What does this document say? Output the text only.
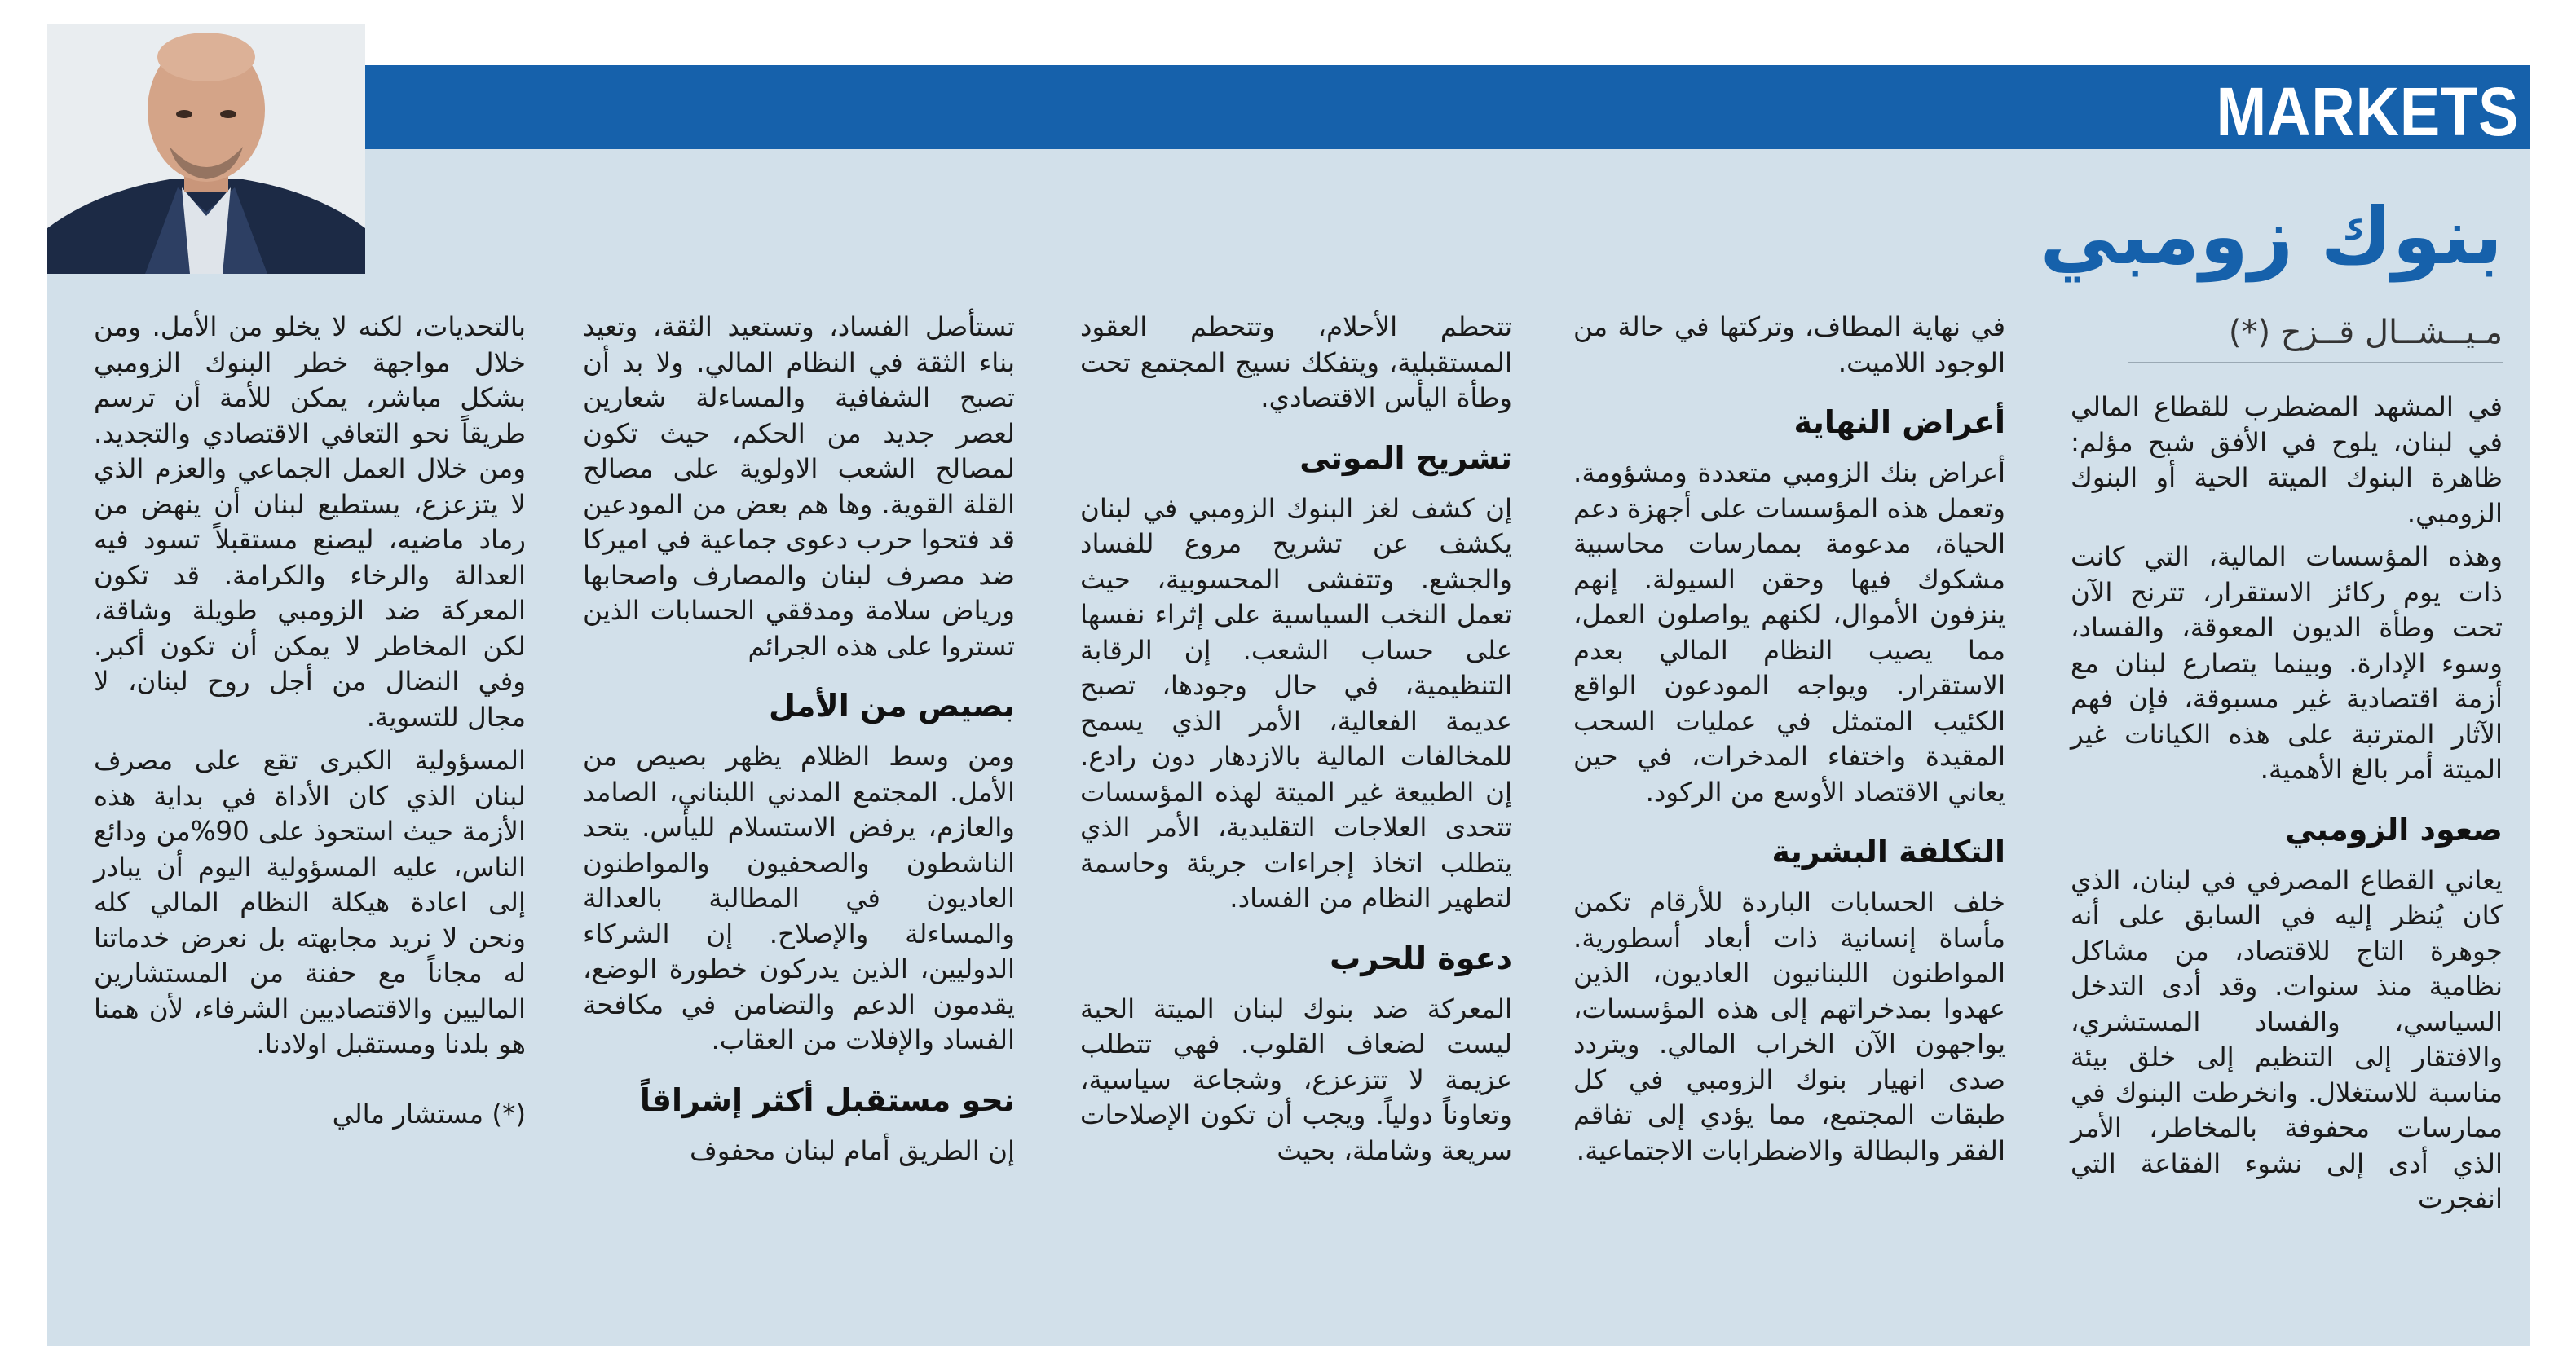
MARKETS
بنوك زومبي
مـيــشــال قــزح (*)

في المشهد المضطرب للقطاع المالي في لبنان، يلوح في الأفق شبح مؤلم: ظاهرة البنوك الميتة الحية أو البنوك الزومبي.

وهذه المؤسسات المالية، التي كانت ذات يوم ركائز الاستقرار، تترنح الآن تحت وطأة الديون المعوقة، والفساد، وسوء الإدارة. وبينما يتصارع لبنان مع أزمة اقتصادية غير مسبوقة، فإن فهم الآثار المترتبة على هذه الكيانات غير الميتة أمر بالغ الأهمية.

صعود الزومبي

يعاني القطاع المصرفي في لبنان، الذي كان يُنظر إليه في السابق على أنه جوهرة التاج للاقتصاد، من مشاكل نظامية منذ سنوات. وقد أدى التدخل السياسي، والفساد المستشري، والافتقار إلى التنظيم إلى خلق بيئة مناسبة للاستغلال. وانخرطت البنوك في ممارسات محفوفة بالمخاطر، الأمر الذي أدى إلى نشوء الفقاعة التي انفجرت

في نهاية المطاف، وتركتها في حالة من الوجود اللاميت.

أعراض النهاية

أعراض بنك الزومبي متعددة ومشؤومة. وتعمل هذه المؤسسات على أجهزة دعم الحياة، مدعومة بممارسات محاسبية مشكوك فيها وحقن السيولة. إنهم ينزفون الأموال، لكنهم يواصلون العمل، مما يصيب النظام المالي بعدم الاستقرار. ويواجه المودعون الواقع الكئيب المتمثل في عمليات السحب المقيدة واختفاء المدخرات، في حين يعاني الاقتصاد الأوسع من الركود.

التكلفة البشرية

خلف الحسابات الباردة للأرقام تكمن مأساة إنسانية ذات أبعاد أسطورية. المواطنون اللبنانيون العاديون، الذين عهدوا بمدخراتهم إلى هذه المؤسسات، يواجهون الآن الخراب المالي. ويتردد صدى انهيار بنوك الزومبي في كل طبقات المجتمع، مما يؤدي إلى تفاقم الفقر والبطالة والاضطرابات الاجتماعية.

تتحطم الأحلام، وتتحطم العقود المستقبلية، ويتفكك نسيج المجتمع تحت وطأة اليأس الاقتصادي.

تشريح الموتى

إن كشف لغز البنوك الزومبي في لبنان يكشف عن تشريح مروع للفساد والجشع. وتتفشى المحسوبية، حيث تعمل النخب السياسية على إثراء نفسها على حساب الشعب. إن الرقابة التنظيمية، في حال وجودها، تصبح عديمة الفعالية، الأمر الذي يسمح للمخالفات المالية بالازدهار دون رادع. إن الطبيعة غير الميتة لهذه المؤسسات تتحدى العلاجات التقليدية، الأمر الذي يتطلب اتخاذ إجراءات جريئة وحاسمة لتطهير النظام من الفساد.

دعوة للحرب

المعركة ضد بنوك لبنان الميتة الحية ليست لضعاف القلوب. فهي تتطلب عزيمة لا تتزعزع، وشجاعة سياسية، وتعاوناً دولياً. ويجب أن تكون الإصلاحات سريعة وشاملة، بحيث

تستأصل الفساد، وتستعيد الثقة، وتعيد بناء الثقة في النظام المالي. ولا بد أن تصبح الشفافية والمساءلة شعارين لعصر جديد من الحكم، حيث تكون لمصالح الشعب الاولوية على مصالح القلة القوية. وها هم بعض من المودعين قد فتحوا حرب دعوى جماعية في اميركا ضد مصرف لبنان والمصارف واصحابها ورياض سلامة ومدققي الحسابات الذين تستروا على هذه الجرائم

بصيص من الأمل

ومن وسط الظلام يظهر بصيص من الأمل. المجتمع المدني اللبناني، الصامد والعازم، يرفض الاستسلام لليأس. يتحد الناشطون والصحفيون والمواطنون العاديون في المطالبة بالعدالة والمساءلة والإصلاح. إن الشركاء الدوليين، الذين يدركون خطورة الوضع، يقدمون الدعم والتضامن في مكافحة الفساد والإفلات من العقاب.

نحو مستقبل أكثر إشراقاً

إن الطريق أمام لبنان محفوف

بالتحديات، لكنه لا يخلو من الأمل. ومن خلال مواجهة خطر البنوك الزومبي بشكل مباشر، يمكن للأمة أن ترسم طريقاً نحو التعافي الاقتصادي والتجديد. ومن خلال العمل الجماعي والعزم الذي لا يتزعزع، يستطيع لبنان أن ينهض من رماد ماضيه، ليصنع مستقبلاً تسود فيه العدالة والرخاء والكرامة. قد تكون المعركة ضد الزومبي طويلة وشاقة، لكن المخاطر لا يمكن أن تكون أكبر. وفي النضال من أجل روح لبنان، لا مجال للتسوية.

المسؤولية الكبرى تقع على مصرف لبنان الذي كان الأداة في بداية هذه الأزمة حيث استحوذ على 90%من ودائع الناس، عليه المسؤولية اليوم أن يبادر إلى اعادة هيكلة النظام المالي كله ونحن لا نريد مجابهته بل نعرض خدماتنا له مجاناً مع حفنة من المستشارين الماليين والاقتصاديين الشرفاء، لأن همنا هو بلدنا ومستقبل اولادنا.

(*) مستشار مالي
